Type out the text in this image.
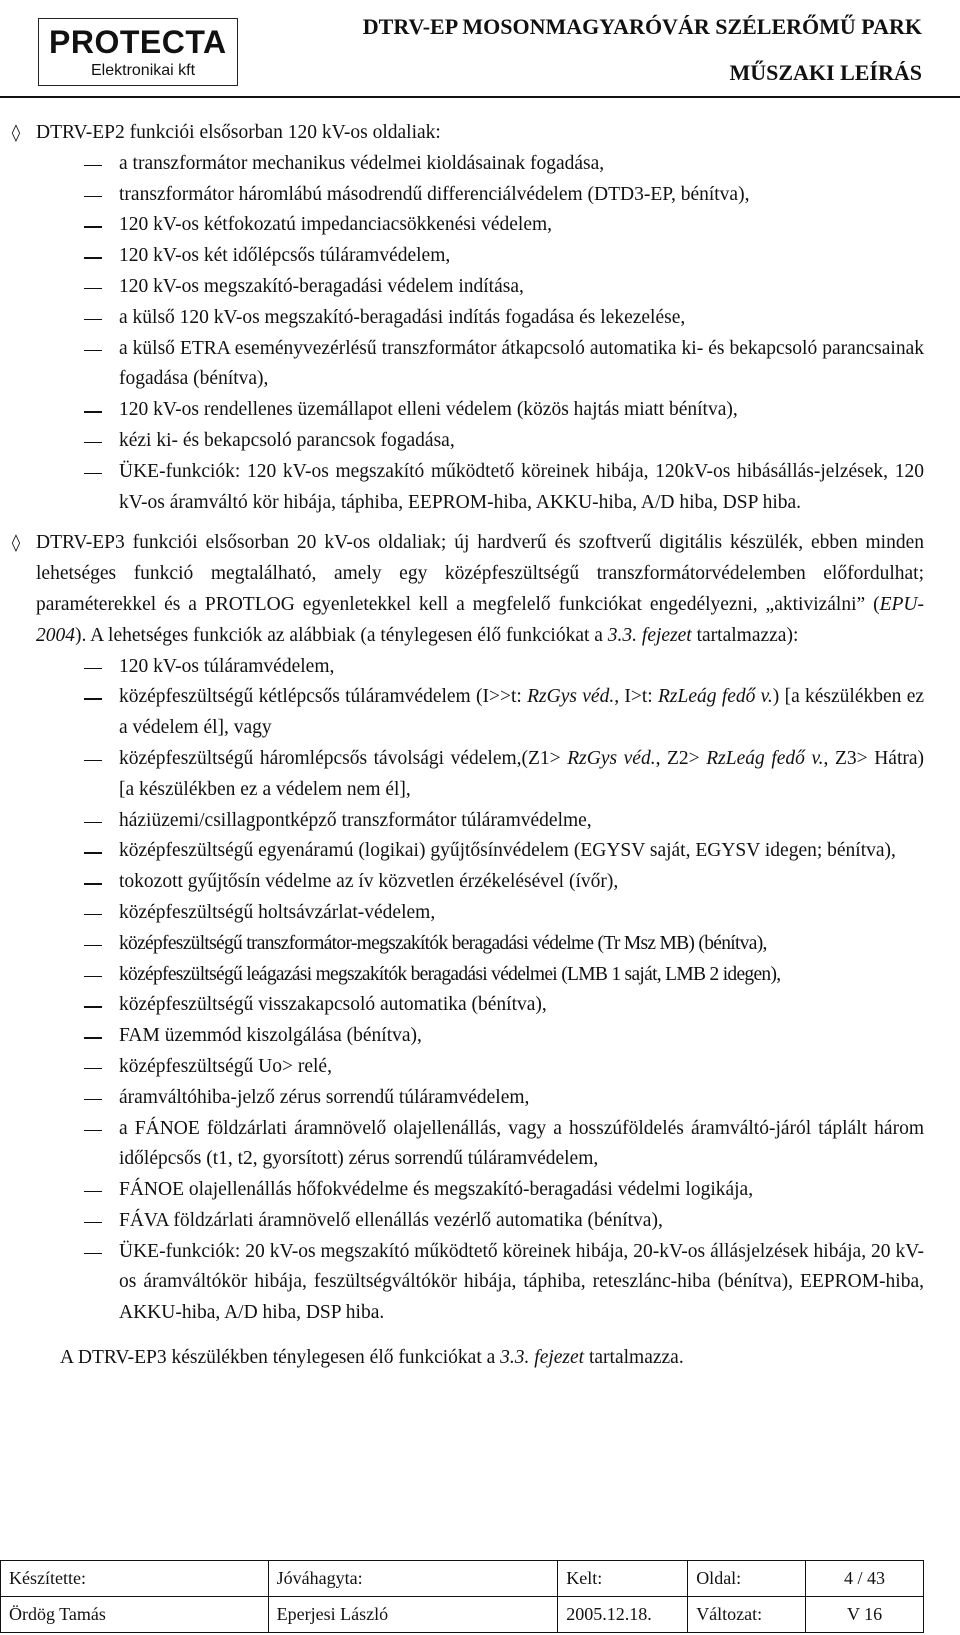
PROTECTA
Elektronikai kft
DTRV-EP MOSONMAGYARÓVÁR SZÉLERŐMŰ PARK
MŰSZAKI LEÍRÁS
◊ DTRV-EP2 funkciói elsősorban 120 kV-os oldaliak:
a transzformátor mechanikus védelmei kioldásainak fogadása,
transzformátor háromlábú másodrendű differenciálvédelem (DTD3-EP, bénítva),
120 kV-os kétfokozatú impedanciacsökkenési védelem,
120 kV-os két időlépcsős túláramvédelem,
120 kV-os megszakító-beragadási védelem indítása,
a külső 120 kV-os megszakító-beragadási indítás fogadása és lekezelése,
a külső ETRA eseményvezérlésű transzformátor átkapcsoló automatika ki- és bekapcsoló parancsainak fogadása (bénítva),
120 kV-os rendellenes üzemállapot elleni védelem (közös hajtás miatt bénítva),
kézi ki- és bekapcsoló parancsok fogadása,
ÜKE-funkciók: 120 kV-os megszakító működtető köreinek hibája, 120kV-os hibásállás-jelzések, 120 kV-os áramváltó kör hibája, táphiba, EEPROM-hiba, AKKU-hiba, A/D hiba, DSP hiba.
◊ DTRV-EP3 funkciói elsősorban 20 kV-os oldaliak; új hardverű és szoftverű digitális készülék, ebben minden lehetséges funkció megtalálható, amely egy középfeszültségű transzformátorvédelemben előfordulhat; paraméterekkel és a PROTLOG egyenletekkel kell a megfelelő funkciókat engedélyezni, „aktivizálni” (EPU-2004). A lehetséges funkciók az alábbiak (a ténylegesen élő funkciókat a 3.3. fejezet tartalmazza):
120 kV-os túláramvédelem,
középfeszültségű kétlépcsős túláramvédelem (I>>t: RzGys véd., I>t: RzLeág fedő v.) [a készülékben ez a védelem él], vagy
középfeszültségű háromlépcsős távolsági védelem,(Z1> RzGys véd., Z2> RzLeág fedő v., Z3> Hátra) [a készülékben ez a védelem nem él],
háziüzemi/csillagpontképző transzformátor túláramvédelme,
középfeszültségű egyenáramú (logikai) gyűjtősínvédelem (EGYSV saját, EGYSV idegen; bénítva),
tokozott gyűjtősín védelme az ív közvetlen érzékelésével (ívőr),
középfeszültségű holtsávzárlat-védelem,
középfeszültségű transzformátor-megszakítók beragadási védelme (Tr Msz MB) (bénítva),
középfeszültségű leágazási megszakítók beragadási védelmei (LMB 1 saját, LMB 2 idegen),
középfeszültségű visszakapcsoló automatika (bénítva),
FAM üzemmód kiszolgálása (bénítva),
középfeszültségű Uo> relé,
áramváltóhiba-jelző zérus sorrendű túláramvédelem,
a FÁNOE földzárlati áramnövelő olajellenállás, vagy a hosszúföldelés áramváltó-járól táplált három időlépcsős (t1, t2, gyorsított) zérus sorrendű túláramvédelem,
FÁNOE olajellenállás hőfokvédelme és megszakító-beragadási védelmi logikája,
FÁVA földzárlati áramnövelő ellenállás vezérlő automatika (bénítva),
ÜKE-funkciók: 20 kV-os megszakító működtető köreinek hibája, 20-kV-os állásjelzések hibája, 20 kV-os áramváltókör hibája, feszültségváltókör hibája, táphiba, reteszlánc-hiba (bénítva), EEPROM-hiba, AKKU-hiba, A/D hiba, DSP hiba.
A DTRV-EP3 készülékben ténylegesen élő funkciókat a 3.3. fejezet tartalmazza.
Készítette:	Jóváhagyta:	Kelt:	Oldal:	4 / 43
Ördög Tamás	Eperjesi László	2005.12.18.	Változat:	V 16
